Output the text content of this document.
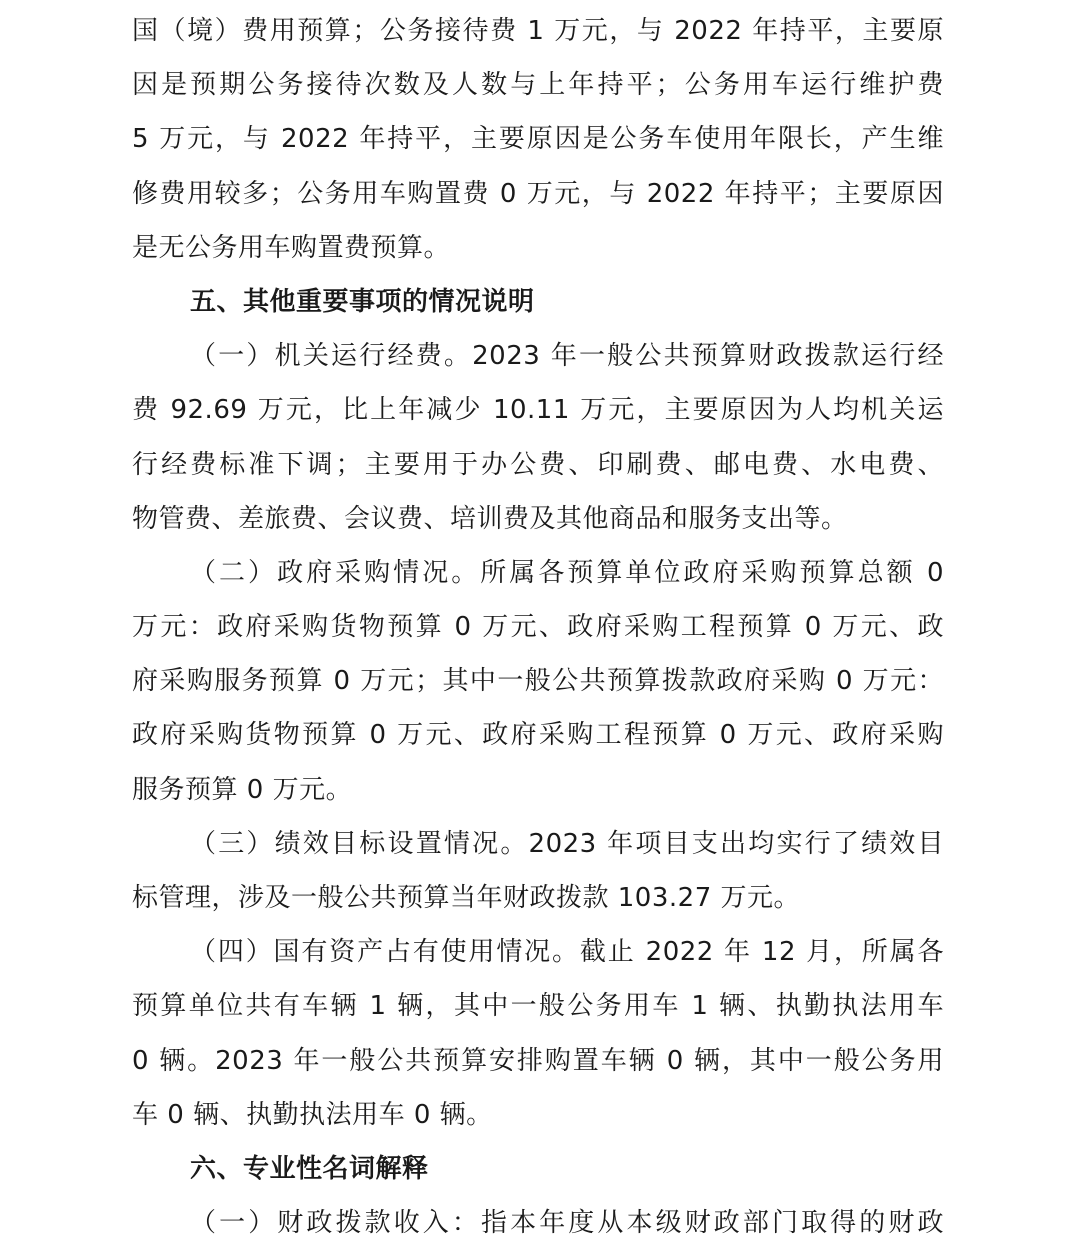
国（境）费用预算；公务接待费 1 万元，与 2022 年持平，主要原
因是预期公务接待次数及人数与上年持平；公务用车运行维护费
5 万元，与 2022 年持平，主要原因是公务车使用年限长，产生维
修费用较多；公务用车购置费 0 万元，与 2022 年持平；主要原因
是无公务用车购置费预算。
五、其他重要事项的情况说明
（一）机关运行经费。2023 年一般公共预算财政拨款运行经
费 92.69 万元，比上年减少 10.11 万元，主要原因为人均机关运
行经费标准下调；主要用于办公费、印刷费、邮电费、水电费、
物管费、差旅费、会议费、培训费及其他商品和服务支出等。
（二）政府采购情况。所属各预算单位政府采购预算总额 0
万元：政府采购货物预算 0 万元、政府采购工程预算 0 万元、政
府采购服务预算 0 万元；其中一般公共预算拨款政府采购 0 万元：
政府采购货物预算 0 万元、政府采购工程预算 0 万元、政府采购
服务预算 0 万元。
（三）绩效目标设置情况。2023 年项目支出均实行了绩效目
标管理，涉及一般公共预算当年财政拨款 103.27 万元。
（四）国有资产占有使用情况。截止 2022 年 12 月，所属各
预算单位共有车辆 1 辆，其中一般公务用车 1 辆、执勤执法用车
0 辆。2023 年一般公共预算安排购置车辆 0 辆，其中一般公务用
车 0 辆、执勤执法用车 0 辆。
六、专业性名词解释
（一）财政拨款收入：指本年度从本级财政部门取得的财政
